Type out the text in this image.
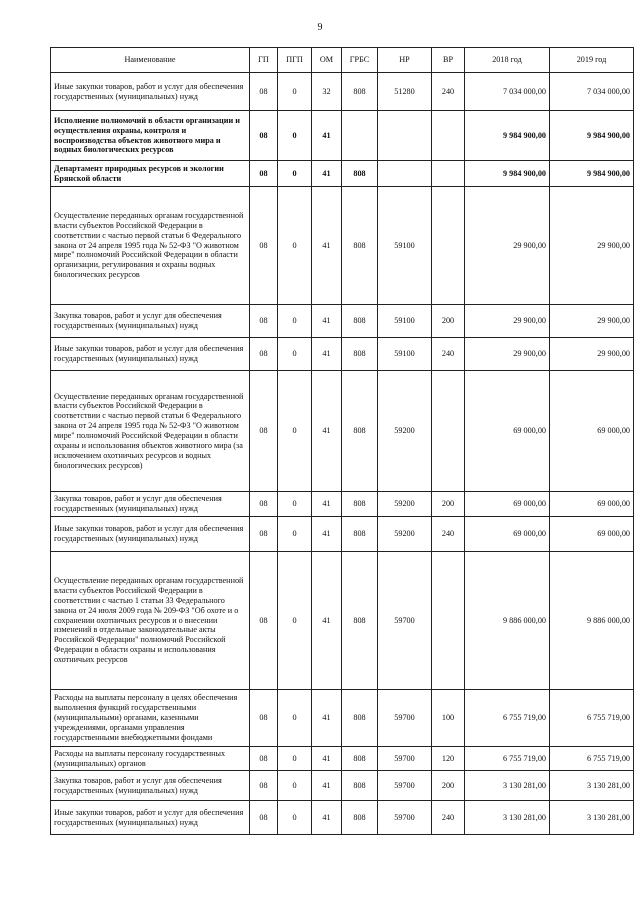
9
Наименование	ГП	ПГП	ОМ	ГРБС	НР	ВР	2018 год	2019 год
Иные закупки товаров, работ и услуг для обеспечения государственных (муниципальных) нужд	08	0	32	808	51280	240	7 034 000,00	7 034 000,00
Исполнение полномочий в области организации и осуществления охраны, контроля и воспроизводства объектов животного мира и водных биологических ресурсов	08	0	41				9 984 900,00	9 984 900,00
Департамент природных ресурсов и экологии Брянской области	08	0	41	808			9 984 900,00	9 984 900,00
Осуществление переданных органам государственной власти субъектов Российской Федерации в соответствии с частью первой статьи 6 Федерального закона от 24 апреля 1995 года № 52-ФЗ "О животном мире" полномочий Российской Федерации в области организации, регулирования и охраны водных биологических ресурсов	08	0	41	808	59100		29 900,00	29 900,00
Закупка товаров, работ и услуг для обеспечения государственных (муниципальных) нужд	08	0	41	808	59100	200	29 900,00	29 900,00
Иные закупки товаров, работ и услуг для обеспечения государственных (муниципальных) нужд	08	0	41	808	59100	240	29 900,00	29 900,00
Осуществление переданных органам государственной власти субъектов Российской Федерации в соответствии с частью первой статьи 6 Федерального закона от 24 апреля 1995 года № 52-ФЗ "О животном мире" полномочий Российской Федерации в области охраны и использования объектов животного мира (за исключением охотничьих ресурсов и водных биологических ресурсов)	08	0	41	808	59200		69 000,00	69 000,00
Закупка товаров, работ и услуг для обеспечения государственных (муниципальных) нужд	08	0	41	808	59200	200	69 000,00	69 000,00
Иные закупки товаров, работ и услуг для обеспечения государственных (муниципальных) нужд	08	0	41	808	59200	240	69 000,00	69 000,00
Осуществление переданных органам государственной власти субъектов Российской Федерации в соответствии с частью 1 статьи 33 Федерального закона от 24 июля 2009 года № 209-ФЗ "Об охоте и о сохранении охотничьих ресурсов и о внесении изменений в отдельные законодательные акты Российской Федерации" полномочий Российской Федерации в области охраны и использования охотничьих ресурсов	08	0	41	808	59700		9 886 000,00	9 886 000,00
Расходы на выплаты персоналу в целях обеспечения выполнения функций государственными (муниципальными) органами, казенными учреждениями, органами управления государственными внебюджетными фондами	08	0	41	808	59700	100	6 755 719,00	6 755 719,00
Расходы на выплаты персоналу государственных (муниципальных) органов	08	0	41	808	59700	120	6 755 719,00	6 755 719,00
Закупка товаров, работ и услуг для обеспечения государственных (муниципальных) нужд	08	0	41	808	59700	200	3 130 281,00	3 130 281,00
Иные закупки товаров, работ и услуг для обеспечения государственных (муниципальных) нужд	08	0	41	808	59700	240	3 130 281,00	3 130 281,00
